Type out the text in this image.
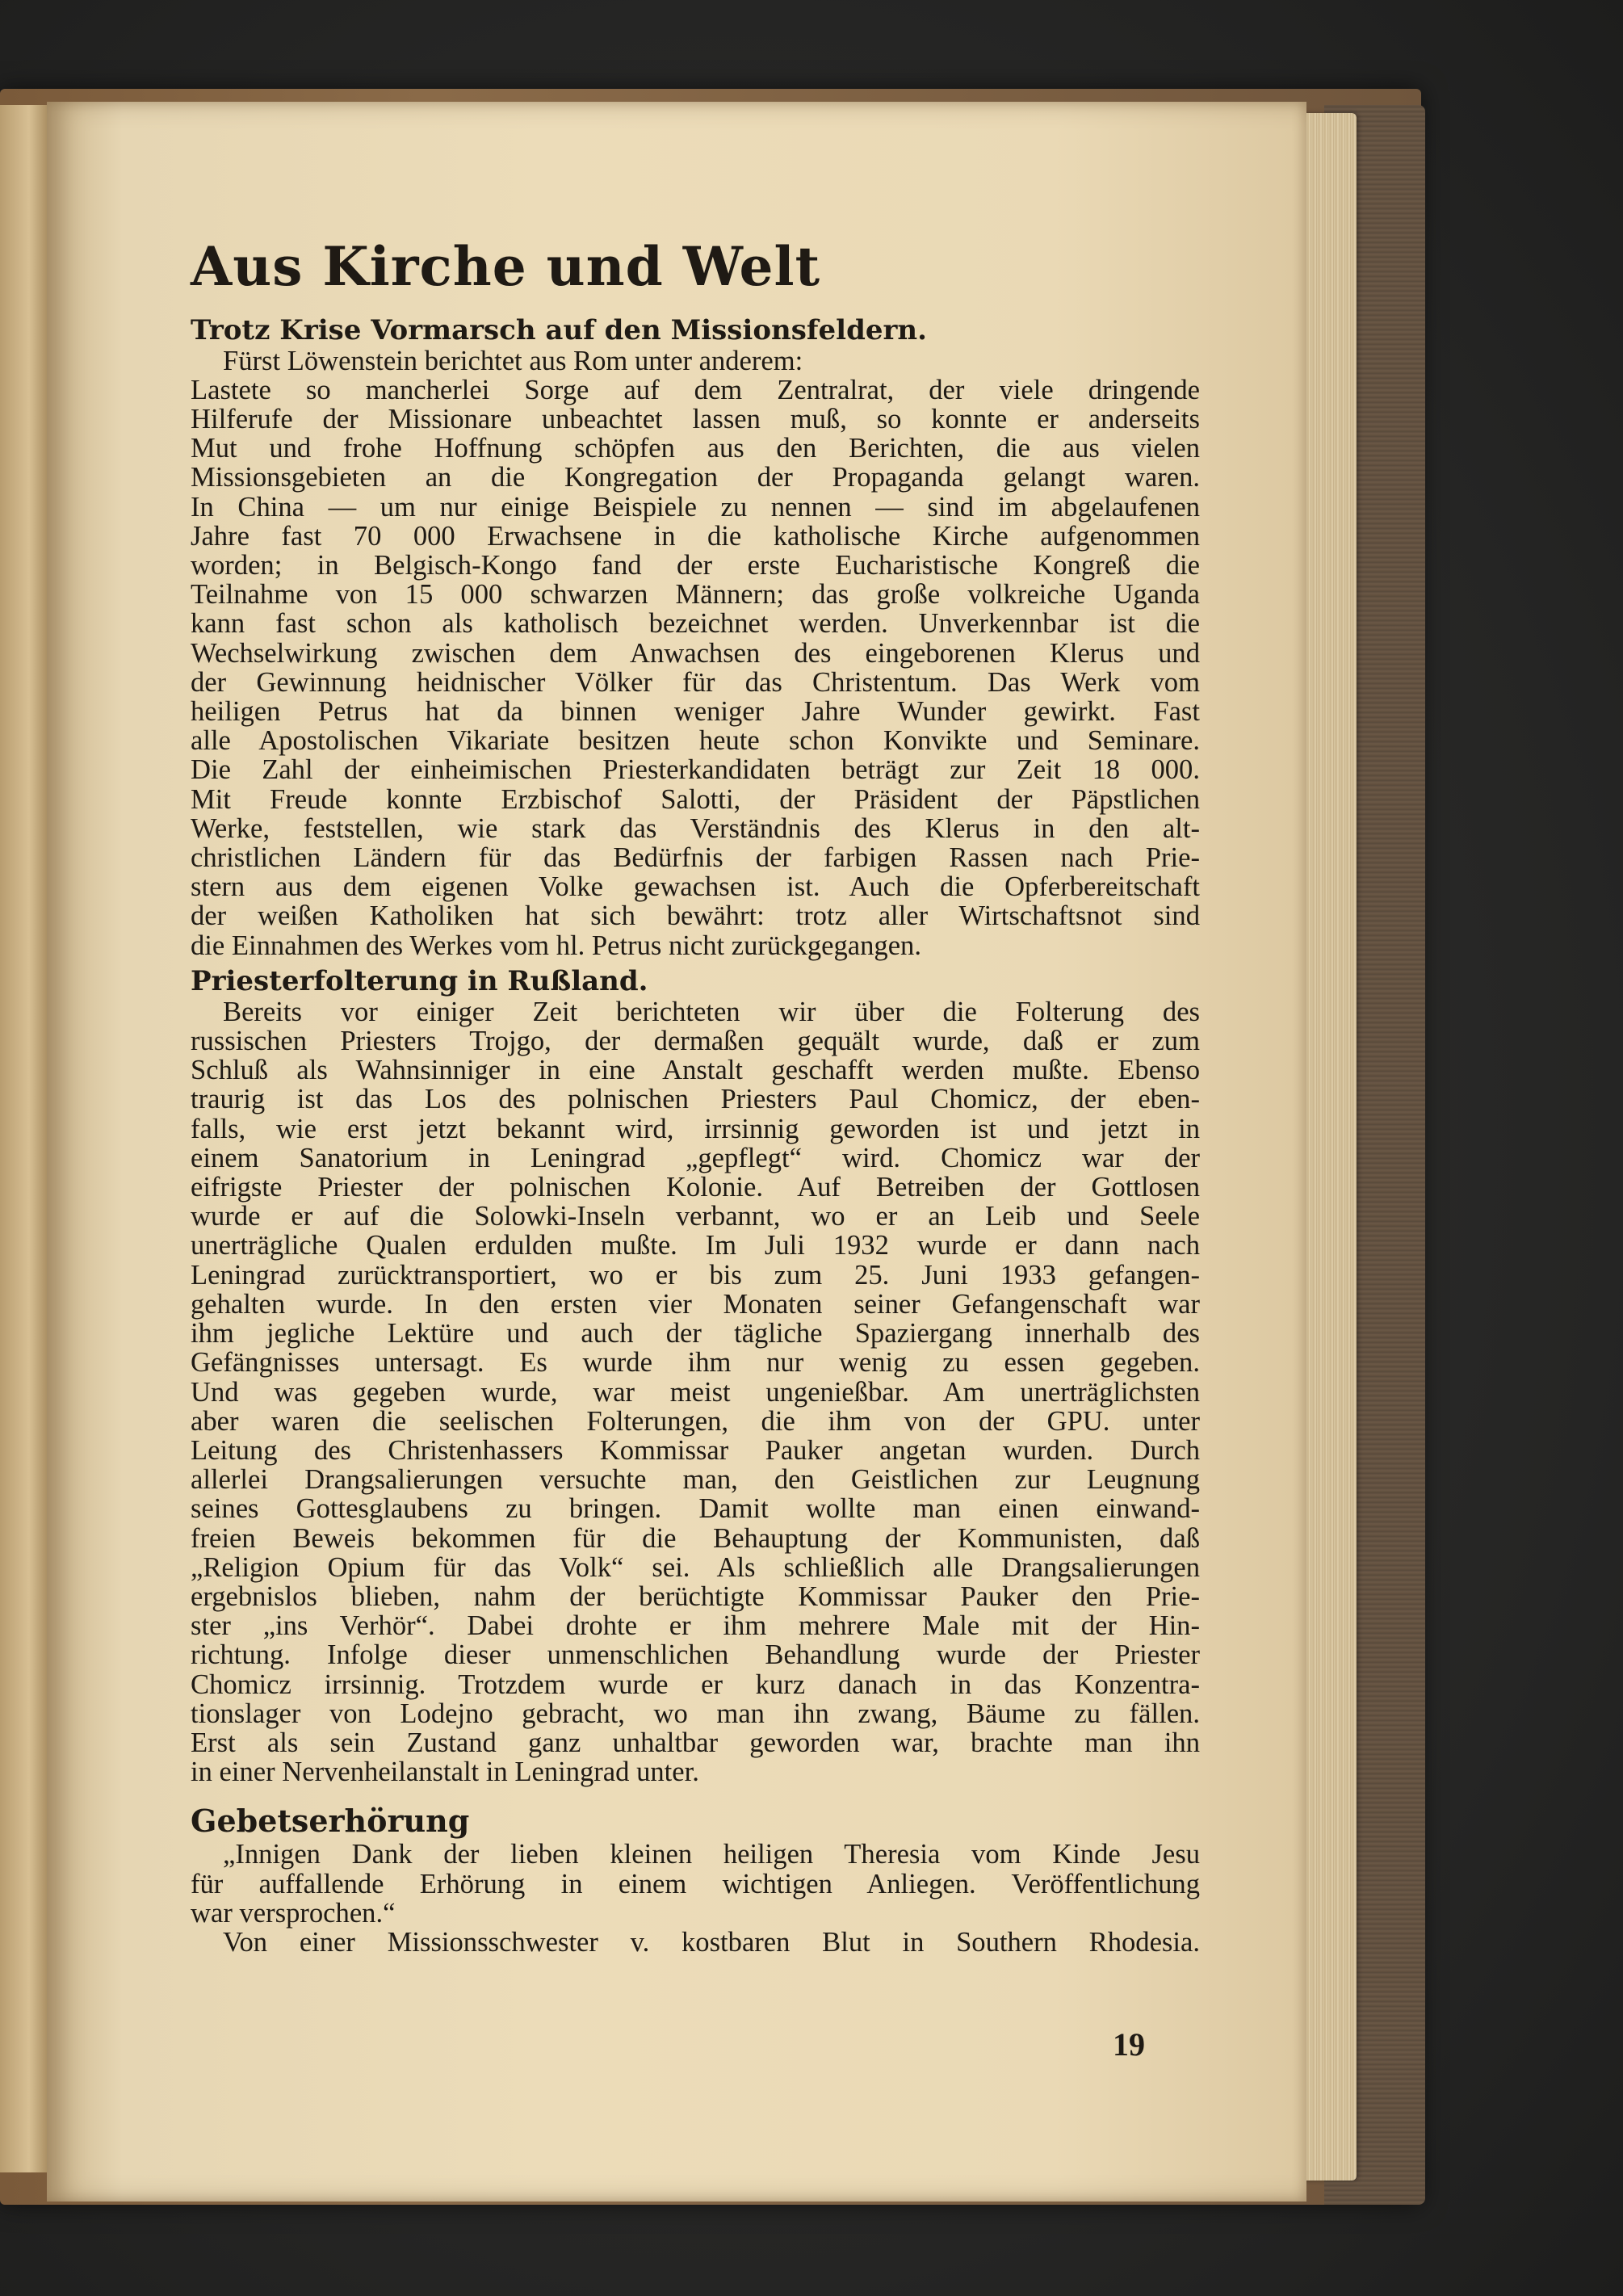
Aus Kirche und Welt
Trotz Krise Vormarsch auf den Missionsfeldern.
Fürst Löwenstein berichtet aus Rom unter anderem:
Lastete so mancherlei Sorge auf dem Zentralrat, der viele dringende
Hilferufe der Missionare unbeachtet lassen muß, so konnte er anderseits
Mut und frohe Hoffnung schöpfen aus den Berichten, die aus vielen
Missionsgebieten an die Kongregation der Propaganda gelangt waren.
In China — um nur einige Beispiele zu nennen — sind im abgelaufenen
Jahre fast 70 000 Erwachsene in die katholische Kirche aufgenommen
worden; in Belgisch-Kongo fand der erste Eucharistische Kongreß die
Teilnahme von 15 000 schwarzen Männern; das große volkreiche Uganda
kann fast schon als katholisch bezeichnet werden. Unverkennbar ist die
Wechselwirkung zwischen dem Anwachsen des eingeborenen Klerus und
der Gewinnung heidnischer Völker für das Christentum. Das Werk vom
heiligen Petrus hat da binnen weniger Jahre Wunder gewirkt. Fast
alle Apostolischen Vikariate besitzen heute schon Konvikte und Seminare.
Die Zahl der einheimischen Priesterkandidaten beträgt zur Zeit 18 000.
Mit Freude konnte Erzbischof Salotti, der Präsident der Päpstlichen
Werke, feststellen, wie stark das Verständnis des Klerus in den alt-
christlichen Ländern für das Bedürfnis der farbigen Rassen nach Prie-
stern aus dem eigenen Volke gewachsen ist. Auch die Opferbereitschaft
der weißen Katholiken hat sich bewährt: trotz aller Wirtschaftsnot sind
die Einnahmen des Werkes vom hl. Petrus nicht zurückgegangen.
Priesterfolterung in Rußland.
Bereits vor einiger Zeit berichteten wir über die Folterung des
russischen Priesters Trojgo, der dermaßen gequält wurde, daß er zum
Schluß als Wahnsinniger in eine Anstalt geschafft werden mußte. Ebenso
traurig ist das Los des polnischen Priesters Paul Chomicz, der eben-
falls, wie erst jetzt bekannt wird, irrsinnig geworden ist und jetzt in
einem Sanatorium in Leningrad „gepflegt“ wird. Chomicz war der
eifrigste Priester der polnischen Kolonie. Auf Betreiben der Gottlosen
wurde er auf die Solowki-Inseln verbannt, wo er an Leib und Seele
unerträgliche Qualen erdulden mußte. Im Juli 1932 wurde er dann nach
Leningrad zurücktransportiert, wo er bis zum 25. Juni 1933 gefangen-
gehalten wurde. In den ersten vier Monaten seiner Gefangenschaft war
ihm jegliche Lektüre und auch der tägliche Spaziergang innerhalb des
Gefängnisses untersagt. Es wurde ihm nur wenig zu essen gegeben.
Und was gegeben wurde, war meist ungenießbar. Am unerträglichsten
aber waren die seelischen Folterungen, die ihm von der GPU. unter
Leitung des Christenhassers Kommissar Pauker angetan wurden. Durch
allerlei Drangsalierungen versuchte man, den Geistlichen zur Leugnung
seines Gottesglaubens zu bringen. Damit wollte man einen einwand-
freien Beweis bekommen für die Behauptung der Kommunisten, daß
„Religion Opium für das Volk“ sei. Als schließlich alle Drangsalierungen
ergebnislos blieben, nahm der berüchtigte Kommissar Pauker den Prie-
ster „ins Verhör“. Dabei drohte er ihm mehrere Male mit der Hin-
richtung. Infolge dieser unmenschlichen Behandlung wurde der Priester
Chomicz irrsinnig. Trotzdem wurde er kurz danach in das Konzentra-
tionslager von Lodejno gebracht, wo man ihn zwang, Bäume zu fällen.
Erst als sein Zustand ganz unhaltbar geworden war, brachte man ihn
in einer Nervenheilanstalt in Leningrad unter.
Gebetserhörung
„Innigen Dank der lieben kleinen heiligen Theresia vom Kinde Jesu
für auffallende Erhörung in einem wichtigen Anliegen. Veröffentlichung
war versprochen.“
Von einer Missionsschwester v. kostbaren Blut in Southern Rhodesia.
19
